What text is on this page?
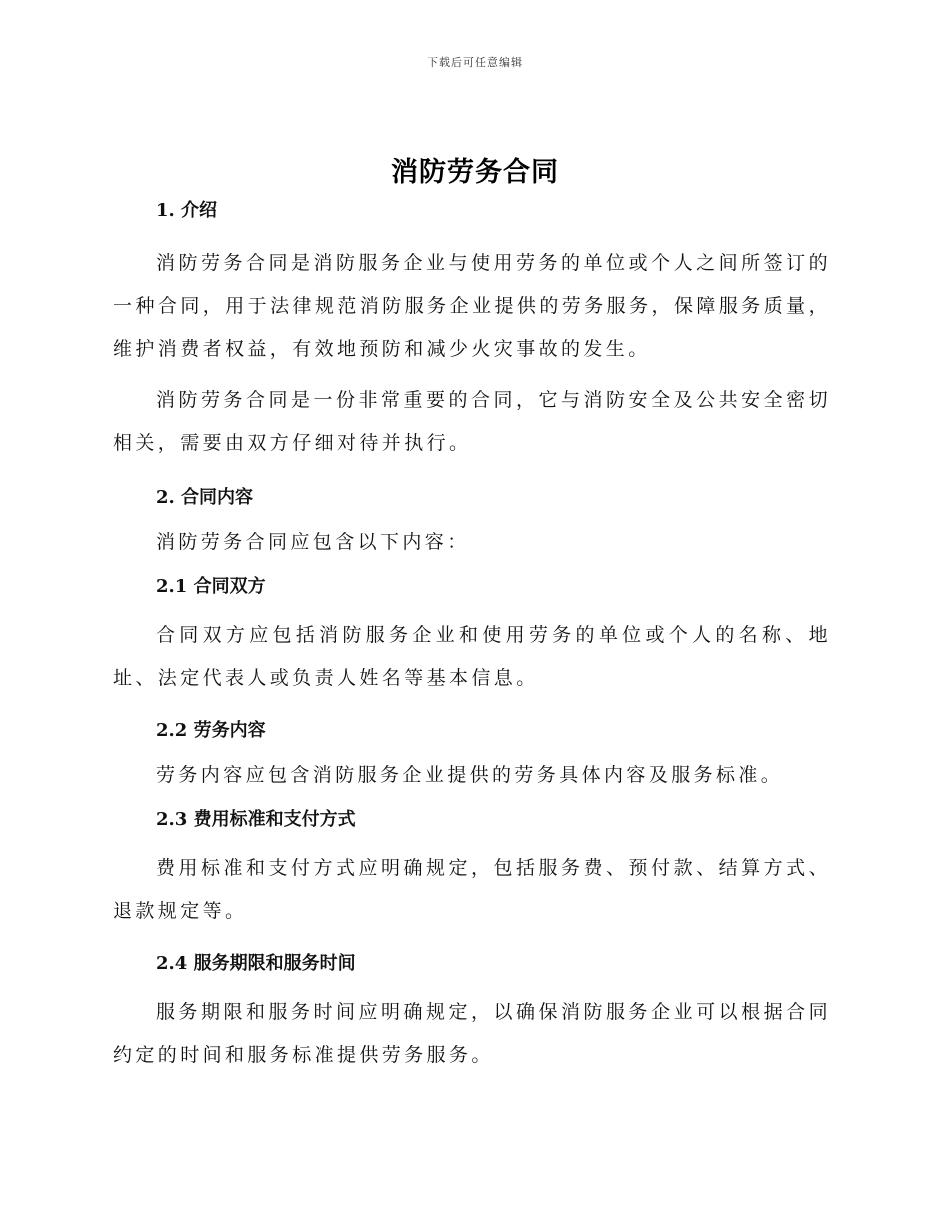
下载后可任意编辑
消防劳务合同

1. 介绍

消防劳务合同是消防服务企业与使用劳务的单位或个人之间所签订的一种合同，用于法律规范消防服务企业提供的劳务服务，保障服务质量，维护消费者权益，有效地预防和减少火灾事故的发生。

消防劳务合同是一份非常重要的合同，它与消防安全及公共安全密切相关，需要由双方仔细对待并执行。

2. 合同内容

消防劳务合同应包含以下内容：

2.1 合同双方

合同双方应包括消防服务企业和使用劳务的单位或个人的名称、地址、法定代表人或负责人姓名等基本信息。

2.2 劳务内容

劳务内容应包含消防服务企业提供的劳务具体内容及服务标准。

2.3 费用标准和支付方式

费用标准和支付方式应明确规定，包括服务费、预付款、结算方式、退款规定等。

2.4 服务期限和服务时间

服务期限和服务时间应明确规定，以确保消防服务企业可以根据合同约定的时间和服务标准提供劳务服务。
